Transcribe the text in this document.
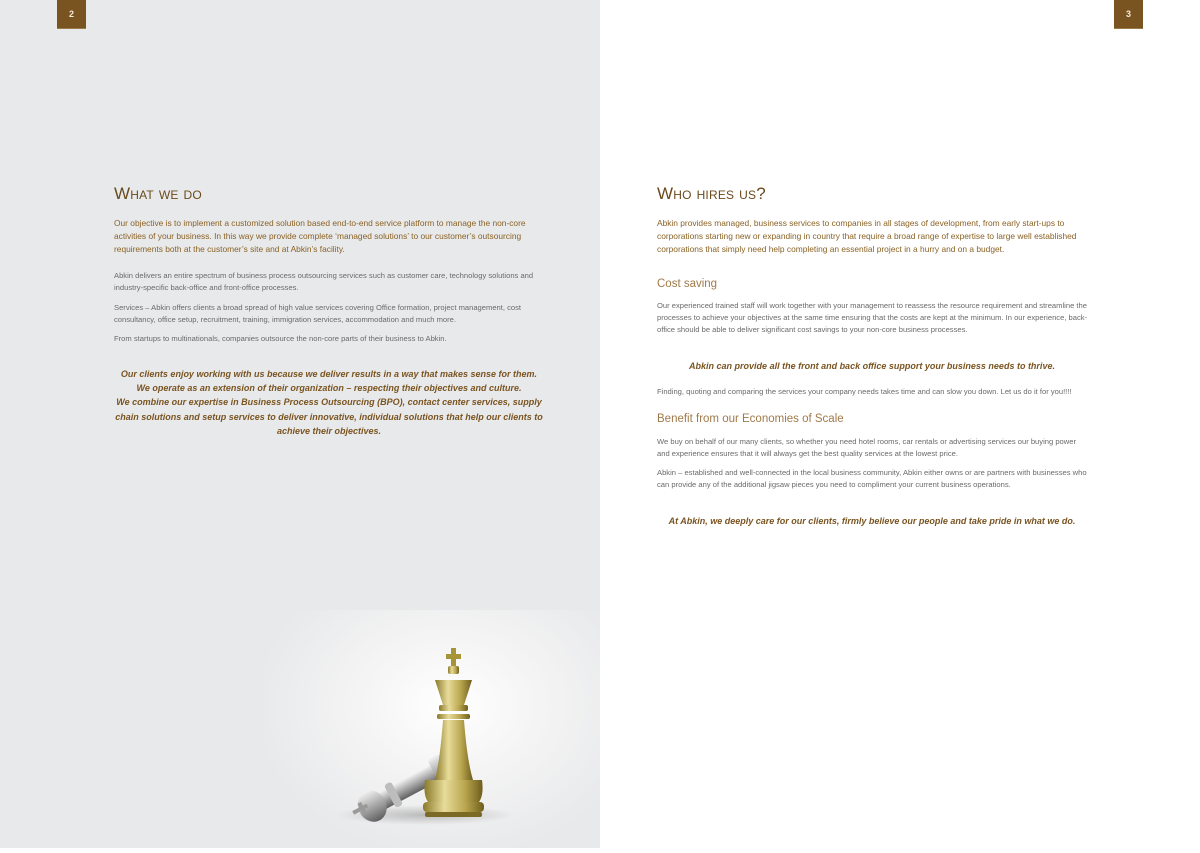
2
What we do

Our objective is to implement a customized solution based end-to-end service platform to manage the non-core activities of your business. In this way we provide complete ‘managed solutions’ to our customer’s outsourcing requirements both at the customer’s site and at Abkin’s facility.

Abkin delivers an entire spectrum of business process outsourcing services such as customer care, technology solutions and industry-specific back-office and front-office processes.

Services – Abkin offers clients a broad spread of high value services covering Office formation, project management, cost consultancy, office setup, recruitment, training, immigration services, accommodation and much more.

From startups to multinationals, companies outsource the non-core parts of their business to Abkin.

Our clients enjoy working with us because we deliver results in a way that makes sense for them.

We operate as an extension of their organization – respecting their objectives and culture.

We combine our expertise in Business Process Outsourcing (BPO), contact center services, supply chain solutions and setup services to deliver innovative, individual solutions that help our clients to achieve their objectives.

3
Who hires us?

Abkin provides managed, business services to companies in all stages of development, from early start-ups to corporations starting new or expanding in country that require a broad range of expertise to large well established corporations that simply need help completing an essential project in a hurry and on a budget.

Cost saving

Our experienced trained staff will work together with your management to reassess the resource requirement and streamline the processes to achieve your objectives at the same time ensuring that the costs are kept at the minimum. In our experience, back-office should be able to deliver significant cost savings to your non-core business processes.

Abkin can provide all the front and back office support your business needs to thrive.

Finding, quoting and comparing the services your company needs takes time and can slow you down. Let us do it for you!!!!

Benefit from our Economies of Scale

We buy on behalf of our many clients, so whether you need hotel rooms, car rentals or advertising services our buying power and experience ensures that it will always get the best quality services at the lowest price.

Abkin – established and well-connected in the local business community, Abkin either owns or are partners with businesses who can provide any of the additional jigsaw pieces you need to compliment your current business operations.

At Abkin, we deeply care for our clients, firmly believe our people and take pride in what we do.
